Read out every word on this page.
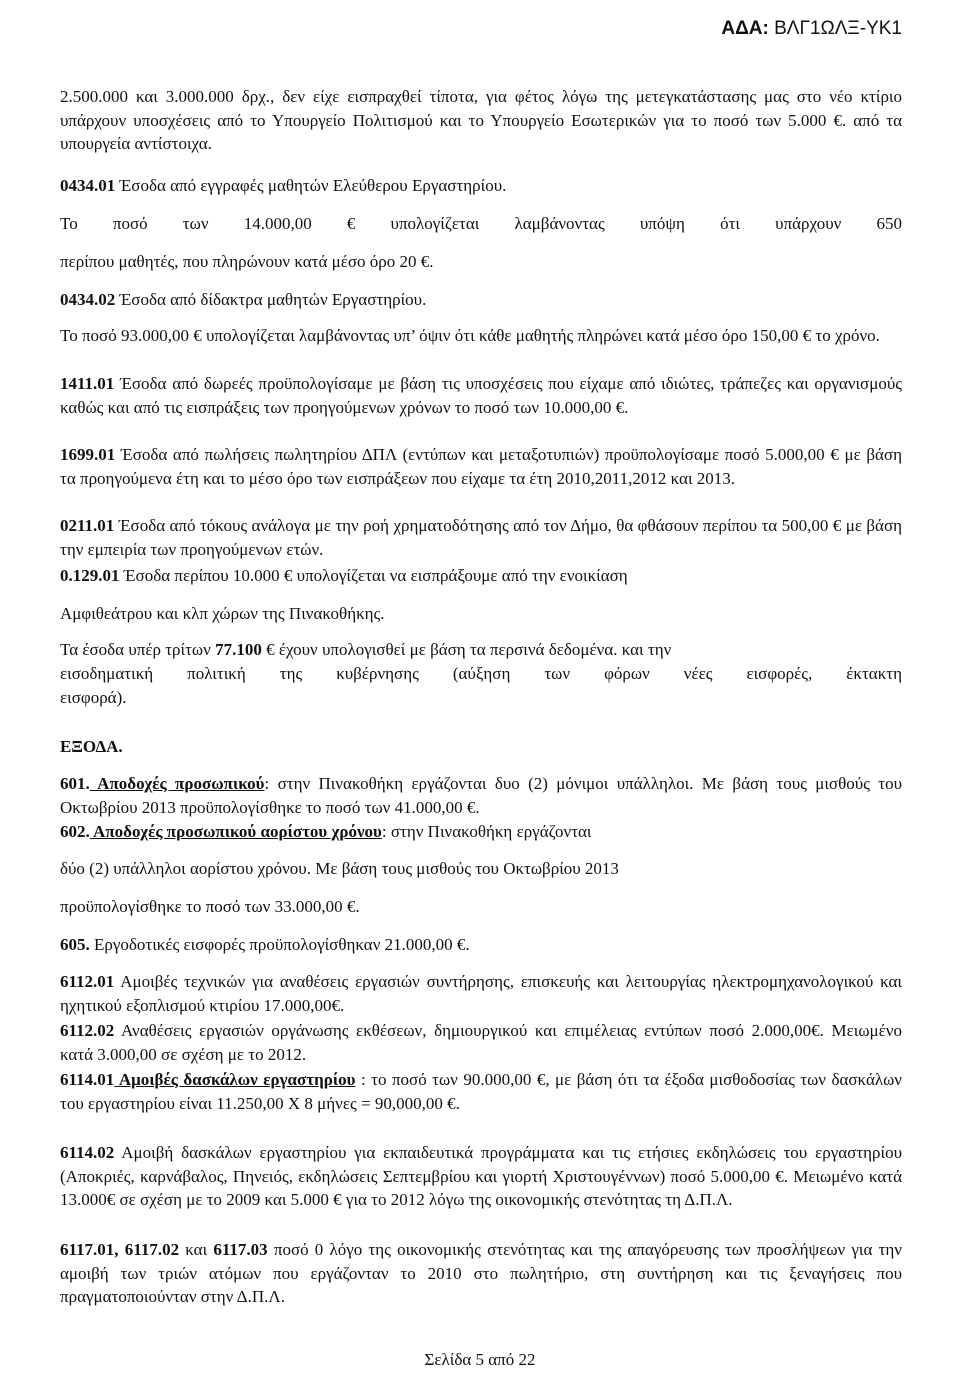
ΑΔΑ: ΒΛΓ1ΩΛΞ-ΥΚ1

2.500.000 και 3.000.000 δρχ., δεν είχε εισπραχθεί τίποτα, για φέτος λόγω της μετεγκατάστασης μας στο νέο κτίριο υπάρχουν υποσχέσεις από το Υπουργείο Πολιτισμού και το Υπουργείο Εσωτερικών για το ποσό των 5.000 €. από τα υπουργεία αντίστοιχα.

0434.01 Έσοδα από εγγραφές μαθητών Ελεύθερου Εργαστηρίου.

Το ποσό των 14.000,00 € υπολογίζεται λαμβάνοντας υπόψη ότι υπάρχουν 650

περίπου μαθητές, που πληρώνουν κατά μέσο όρο 20 €.

0434.02 Έσοδα από δίδακτρα μαθητών Εργαστηρίου.

Το ποσό 93.000,00 € υπολογίζεται λαμβάνοντας υπ’ όψιν ότι κάθε μαθητής πληρώνει κατά μέσο όρο 150,00 € το χρόνο.

1411.01 Έσοδα από δωρεές προϋπολογίσαμε με βάση τις υποσχέσεις που είχαμε από ιδιώτες, τράπεζες και οργανισμούς καθώς και από τις εισπράξεις των προηγούμενων χρόνων το ποσό των 10.000,00 €.

1699.01 Έσοδα από πωλήσεις πωλητηρίου ΔΠΛ (εντύπων και μεταξοτυπιών) προϋπολογίσαμε ποσό 5.000,00 € με βάση τα προηγούμενα έτη και το μέσο όρο των εισπράξεων που είχαμε τα έτη 2010,2011,2012 και 2013.

0211.01 Έσοδα από τόκους ανάλογα με την ροή χρηματοδότησης από τον Δήμο, θα φθάσουν περίπου τα 500,00 € με βάση την εμπειρία των προηγούμενων ετών.

0.129.01 Έσοδα περίπου 10.000 € υπολογίζεται να εισπράξουμε από την ενοικίαση

Αμφιθεάτρου και κλπ χώρων της Πινακοθήκης.

Τα έσοδα υπέρ τρίτων 77.100 € έχουν υπολογισθεί με βάση τα περσινά δεδομένα. και την

εισοδηματική πολιτική της κυβέρνησης (αύξηση των φόρων νέες εισφορές, έκτακτη

εισφορά).

ΕΞΟΔΑ.

601. Αποδοχές προσωπικού: στην Πινακοθήκη εργάζονται δυο (2) μόνιμοι υπάλληλοι. Με βάση τους μισθούς του Οκτωβρίου 2013 προϋπολογίσθηκε το ποσό των 41.000,00 €.

602. Αποδοχές προσωπικού αορίστου χρόνου: στην Πινακοθήκη εργάζονται

δύο (2) υπάλληλοι αορίστου χρόνου. Με βάση τους μισθούς του Οκτωβρίου 2013

προϋπολογίσθηκε το ποσό των 33.000,00 €.

605. Εργοδοτικές εισφορές προϋπολογίσθηκαν 21.000,00 €.

6112.01 Αμοιβές τεχνικών για αναθέσεις εργασιών συντήρησης, επισκευής και λειτουργίας ηλεκτρομηχανολογικού και ηχητικού εξοπλισμού κτιρίου 17.000,00€.

6112.02 Αναθέσεις εργασιών οργάνωσης εκθέσεων, δημιουργικού και επιμέλειας εντύπων ποσό 2.000,00€. Μειωμένο κατά 3.000,00 σε σχέση με το 2012.

6114.01 Αμοιβές δασκάλων εργαστηρίου : το ποσό των 90.000,00 €, με βάση ότι τα έξοδα μισθοδοσίας των δασκάλων του εργαστηρίου είναι 11.250,00 Χ 8 μήνες = 90,000,00 €.

6114.02 Αμοιβή δασκάλων εργαστηρίου για εκπαιδευτικά προγράμματα και τις ετήσιες εκδηλώσεις του εργαστηρίου (Αποκριές, καρνάβαλος, Πηνειός, εκδηλώσεις Σεπτεμβρίου και γιορτή Χριστουγέννων) ποσό 5.000,00 €. Μειωμένο κατά 13.000€ σε σχέση με το 2009 και 5.000 € για το 2012 λόγω της οικονομικής στενότητας τη Δ.Π.Λ.

6117.01, 6117.02 και 6117.03 ποσό 0 λόγο της οικονομικής στενότητας και της απαγόρευσης των προσλήψεων για την αμοιβή των τριών ατόμων που εργάζονταν το 2010 στο πωλητήριο, στη συντήρηση και τις ξεναγήσεις που πραγματοποιούνταν στην Δ.Π.Λ.

Σελίδα 5 από 22
